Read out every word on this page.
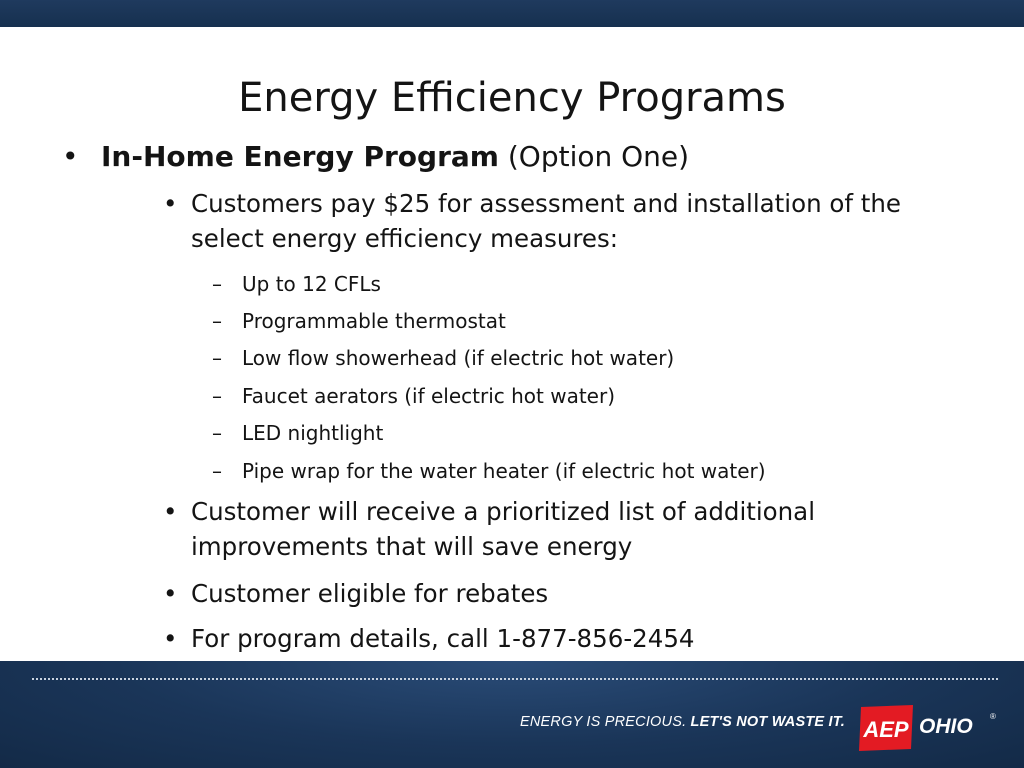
Energy Efficiency Programs
• In-Home Energy Program (Option One)
• Customers pay $25 for assessment and installation of the select energy efficiency measures:
– Up to 12 CFLs
– Programmable thermostat
– Low flow showerhead (if electric hot water)
– Faucet aerators (if electric hot water)
– LED nightlight
– Pipe wrap for the water heater (if electric hot water)
• Customer will receive a prioritized list of additional improvements that will save energy
• Customer eligible for rebates
• For program details, call 1-877-856-2454
ENERGY IS PRECIOUS. LET'S NOT WASTE IT. AEP OHIO ®
